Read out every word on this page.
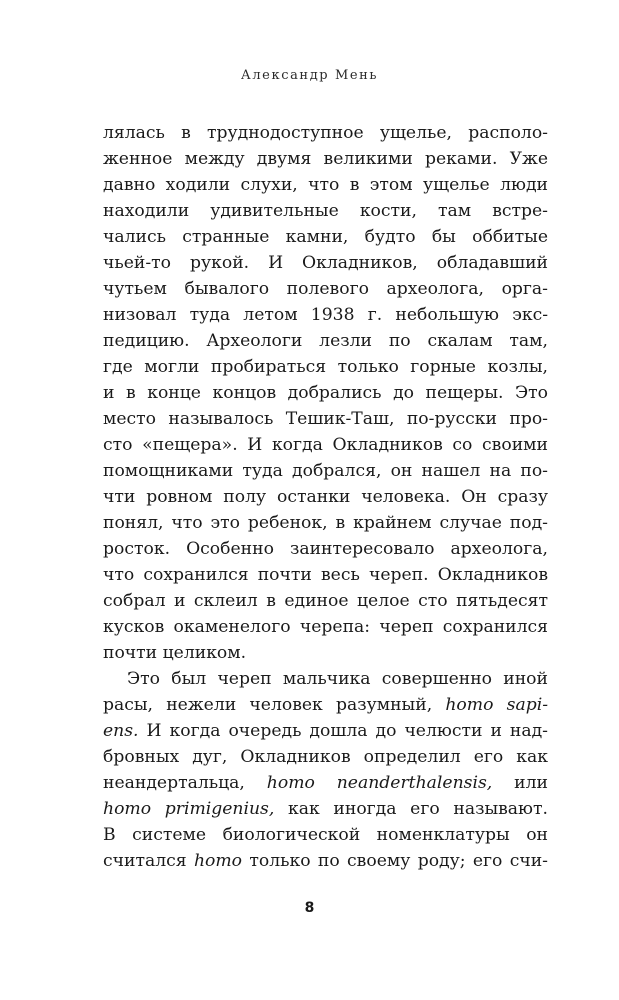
Александр Мень
лялась в труднодоступное ущелье, располо-
женное между двумя великими реками. Уже
давно ходили слухи, что в этом ущелье люди
находили удивительные кости, там встре-
чались странные камни, будто бы оббитые
чьей-то рукой. И Окладников, обладавший
чутьем бывалого полевого археолога, орга-
низовал туда летом 1938 г. небольшую экс-
педицию. Археологи лезли по скалам там,
где могли пробираться только горные козлы,
и в конце концов добрались до пещеры. Это
место называлось Тешик-Таш, по-русски про-
сто «пещера». И когда Окладников со своими
помощниками туда добрался, он нашел на по-
чти ровном полу останки человека. Он сразу
понял, что это ребенок, в крайнем случае под-
росток. Особенно заинтересовало археолога,
что сохранился почти весь череп. Окладников
собрал и склеил в единое целое сто пятьдесят
кусков окаменелого черепа: череп сохранился
почти целиком.
Это был череп мальчика совершенно иной
расы, нежели человек разумный, homo sapi-
ens. И когда очередь дошла до челюсти и над-
бровных дуг, Окладников определил его как
неандертальца, homo neanderthalensis, или
homo primigenius, как иногда его называют.
В системе биологической номенклатуры он
считался homo только по своему роду; его счи-
8
